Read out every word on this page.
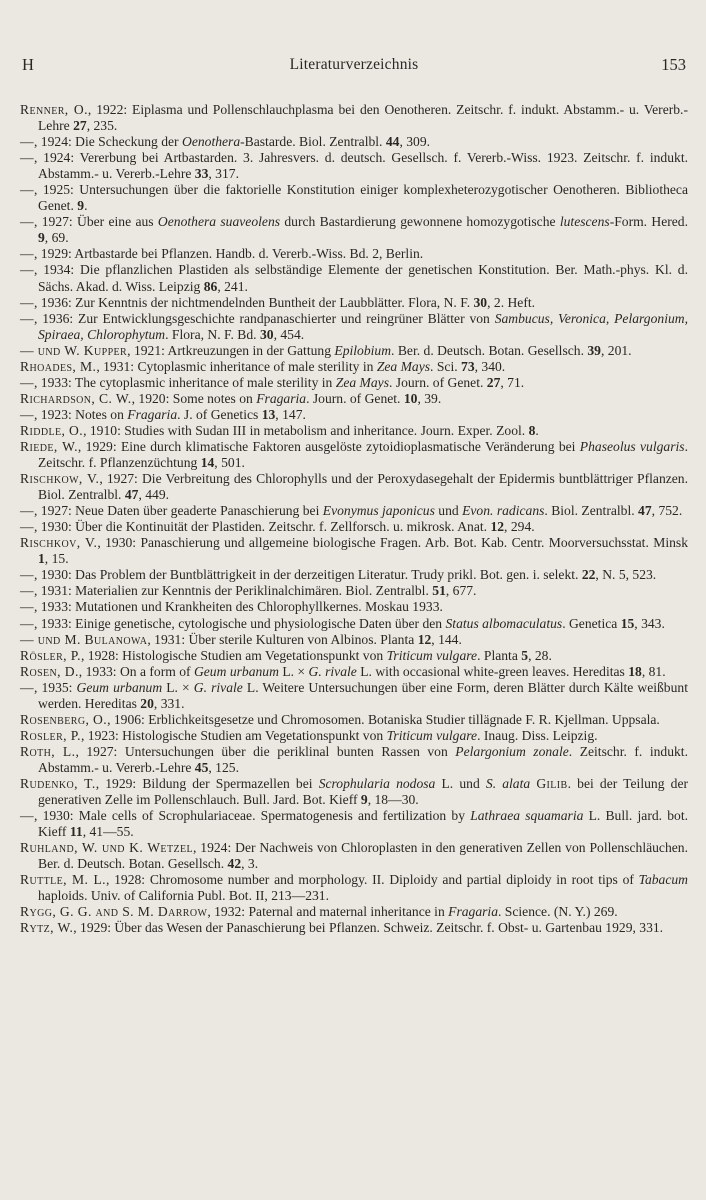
H	Literaturverzeichnis	153

Renner, O., 1922: Eiplasma und Pollenschlauchplasma bei den Oenotheren. Zeitschr. f. indukt. Abstamm.- u. Vererb.-Lehre 27, 235.

—, 1924: Die Scheckung der Oenothera-Bastarde. Biol. Zentralbl. 44, 309.

—, 1924: Vererbung bei Artbastarden. 3. Jahresvers. d. deutsch. Gesellsch. f. Vererb.-Wiss. 1923. Zeitschr. f. indukt. Abstamm.- u. Vererb.-Lehre 33, 317.

—, 1925: Untersuchungen über die faktorielle Konstitution einiger komplexheterozygotischer Oenotheren. Bibliotheca Genet. 9.

—, 1927: Über eine aus Oenothera suaveolens durch Bastardierung gewonnene homozygotische lutescens-Form. Hered. 9, 69.

—, 1929: Artbastarde bei Pflanzen. Handb. d. Vererb.-Wiss. Bd. 2, Berlin.

—, 1934: Die pflanzlichen Plastiden als selbständige Elemente der genetischen Konstitution. Ber. Math.-phys. Kl. d. Sächs. Akad. d. Wiss. Leipzig 86, 241.

—, 1936: Zur Kenntnis der nichtmendelnden Buntheit der Laubblätter. Flora, N. F. 30, 2. Heft.

—, 1936: Zur Entwicklungsgeschichte randpanaschierter und reingrüner Blätter von Sambucus, Veronica, Pelargonium, Spiraea, Chlorophytum. Flora, N. F. Bd. 30, 454.

— und W. Kupper, 1921: Artkreuzungen in der Gattung Epilobium. Ber. d. Deutsch. Botan. Gesellsch. 39, 201.

Rhoades, M., 1931: Cytoplasmic inheritance of male sterility in Zea Mays. Sci. 73, 340.

—, 1933: The cytoplasmic inheritance of male sterility in Zea Mays. Journ. of Genet. 27, 71.

Richardson, C. W., 1920: Some notes on Fragaria. Journ. of Genet. 10, 39.

—, 1923: Notes on Fragaria. J. of Genetics 13, 147.

Riddle, O., 1910: Studies with Sudan III in metabolism and inheritance. Journ. Exper. Zool. 8.

Riede, W., 1929: Eine durch klimatische Faktoren ausgelöste zytoidioplasmatische Veränderung bei Phaseolus vulgaris. Zeitschr. f. Pflanzenzüchtung 14, 501.

Rischkow, V., 1927: Die Verbreitung des Chlorophylls und der Peroxydasegehalt der Epidermis buntblättriger Pflanzen. Biol. Zentralbl. 47, 449.

—, 1927: Neue Daten über geaderte Panaschierung bei Evonymus japonicus und Evon. radicans. Biol. Zentralbl. 47, 752.

—, 1930: Über die Kontinuität der Plastiden. Zeitschr. f. Zellforsch. u. mikrosk. Anat. 12, 294.

Rischkov, V., 1930: Panaschierung und allgemeine biologische Fragen. Arb. Bot. Kab. Centr. Moorversuchsstat. Minsk 1, 15.

—, 1930: Das Problem der Buntblättrigkeit in der derzeitigen Literatur. Trudy prikl. Bot. gen. i. selekt. 22, N. 5, 523.

—, 1931: Materialien zur Kenntnis der Periklinalchimären. Biol. Zentralbl. 51, 677.

—, 1933: Mutationen und Krankheiten des Chlorophyllkernes. Moskau 1933.

—, 1933: Einige genetische, cytologische und physiologische Daten über den Status albomaculatus. Genetica 15, 343.

— und M. Bulanowa, 1931: Über sterile Kulturen von Albinos. Planta 12, 144.

Rösler, P., 1928: Histologische Studien am Vegetationspunkt von Triticum vulgare. Planta 5, 28.

Rosen, D., 1933: On a form of Geum urbanum L. × G. rivale L. with occasional white-green leaves. Hereditas 18, 81.

—, 1935: Geum urbanum L. × G. rivale L. Weitere Untersuchungen über eine Form, deren Blätter durch Kälte weißbunt werden. Hereditas 20, 331.

Rosenberg, O., 1906: Erblichkeitsgesetze und Chromosomen. Botaniska Studier tillägnade F. R. Kjellman. Uppsala.

Rosler, P., 1923: Histologische Studien am Vegetationspunkt von Triticum vulgare. Inaug. Diss. Leipzig.

Roth, L., 1927: Untersuchungen über die periklinal bunten Rassen von Pelargonium zonale. Zeitschr. f. indukt. Abstamm.- u. Vererb.-Lehre 45, 125.

Rudenko, T., 1929: Bildung der Spermazellen bei Scrophularia nodosa L. und S. alata Gilib. bei der Teilung der generativen Zelle im Pollenschlauch. Bull. Jard. Bot. Kieff 9, 18—30.

—, 1930: Male cells of Scrophulariaceae. Spermatogenesis and fertilization by Lathraea squamaria L. Bull. jard. bot. Kieff 11, 41—55.

Ruhland, W. und K. Wetzel, 1924: Der Nachweis von Chloroplasten in den generativen Zellen von Pollenschläuchen. Ber. d. Deutsch. Botan. Gesellsch. 42, 3.

Ruttle, M. L., 1928: Chromosome number and morphology. II. Diploidy and partial diploidy in root tips of Tabacum haploids. Univ. of California Publ. Bot. II, 213—231.

Rygg, G. G. and S. M. Darrow, 1932: Paternal and maternal inheritance in Fragaria. Science. (N. Y.) 269.

Rytz, W., 1929: Über das Wesen der Panaschierung bei Pflanzen. Schweiz. Zeitschr. f. Obst- u. Gartenbau 1929, 331.
